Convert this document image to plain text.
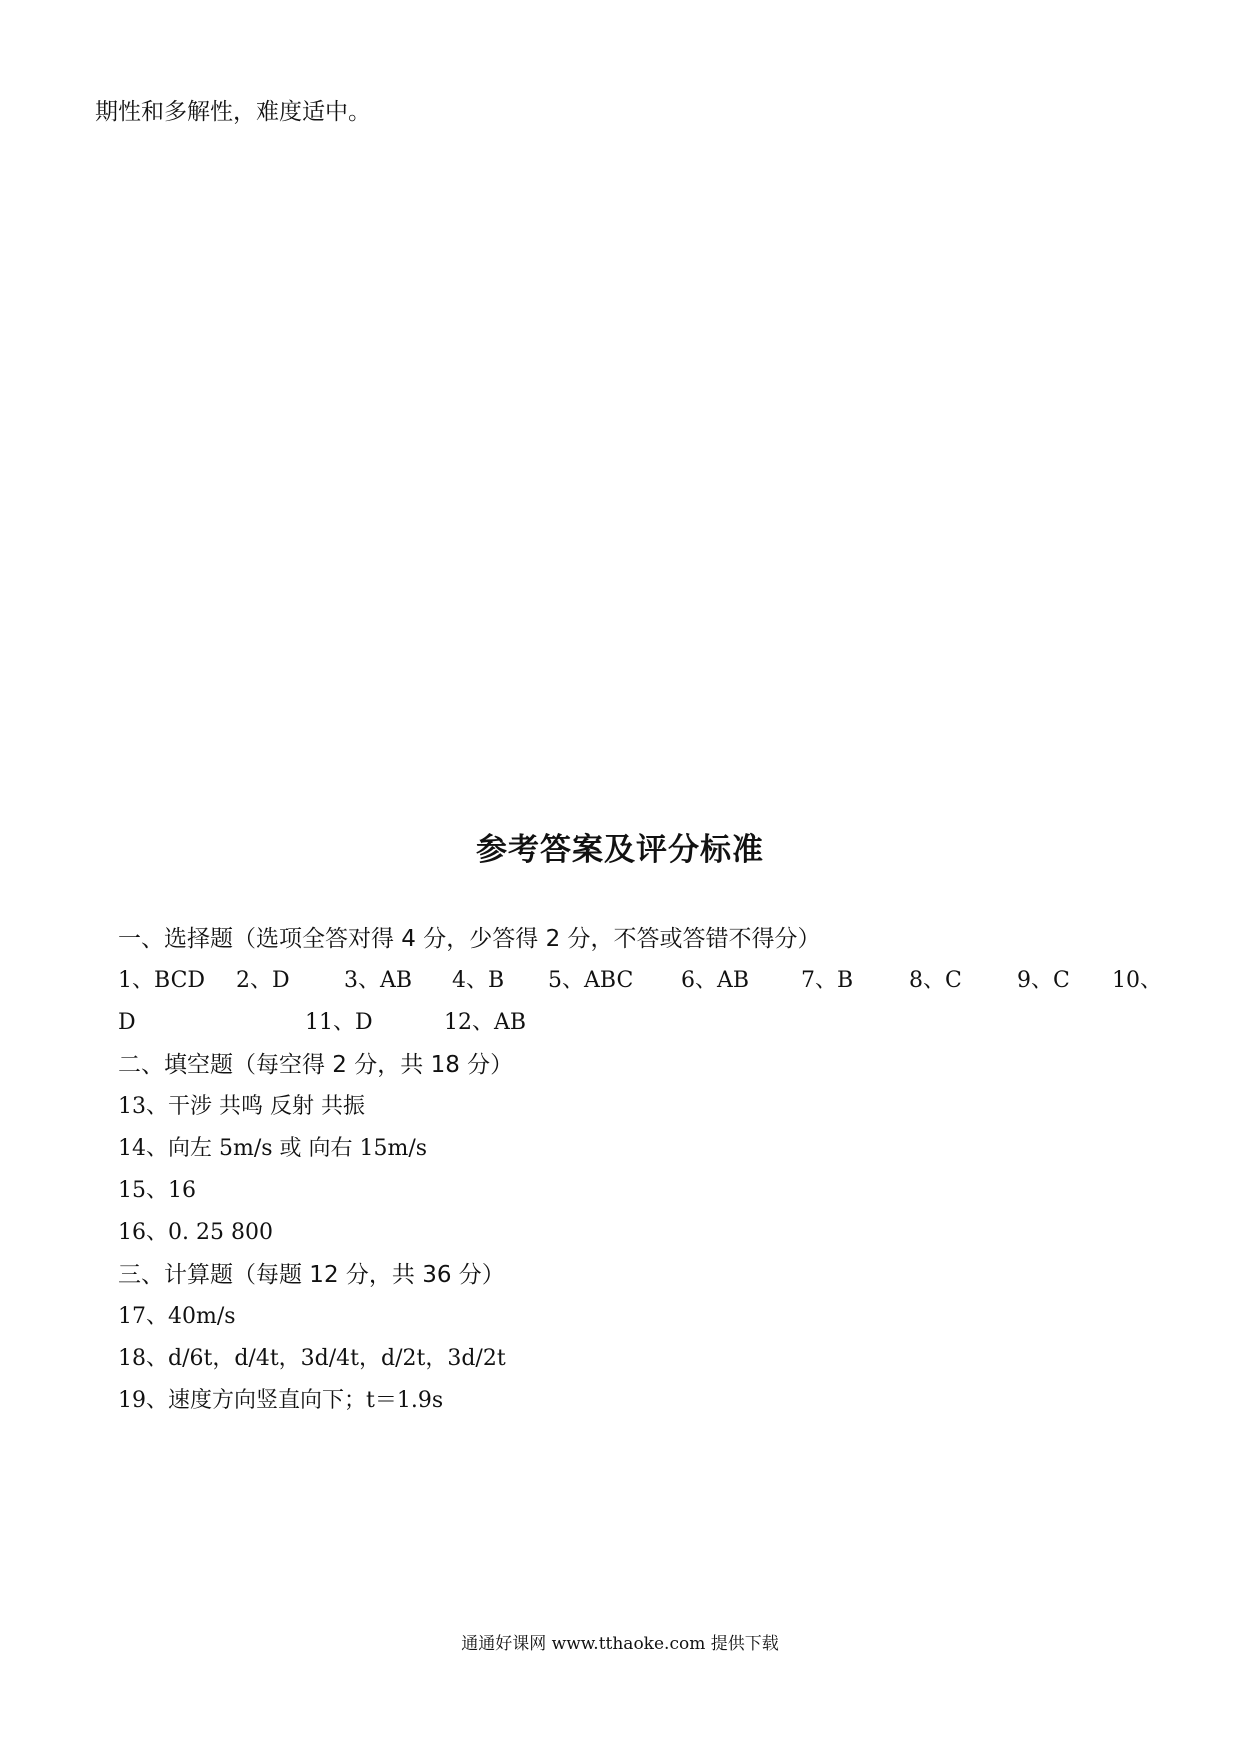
期性和多解性，难度适中。
参考答案及评分标准
一、选择题（选项全答对得 4 分，少答得 2 分，不答或答错不得分）
1、BCD 2、D 3、AB 4、B 5、ABC 6、AB 7、B	8、C	9、C 10、
D	11、D	12、AB
二、填空题（每空得 2 分，共 18 分）
13、干涉 共鸣 反射 共振
14、向左 5m/s 或 向右 15m/s
15、16
16、0. 25 800
三、计算题（每题 12 分，共 36 分）
17、40m/s
18、d/6t，d/4t，3d/4t，d/2t，3d/2t
19、速度方向竖直向下；t＝1.9s
通通好课网 www.tthaoke.com 提供下载
